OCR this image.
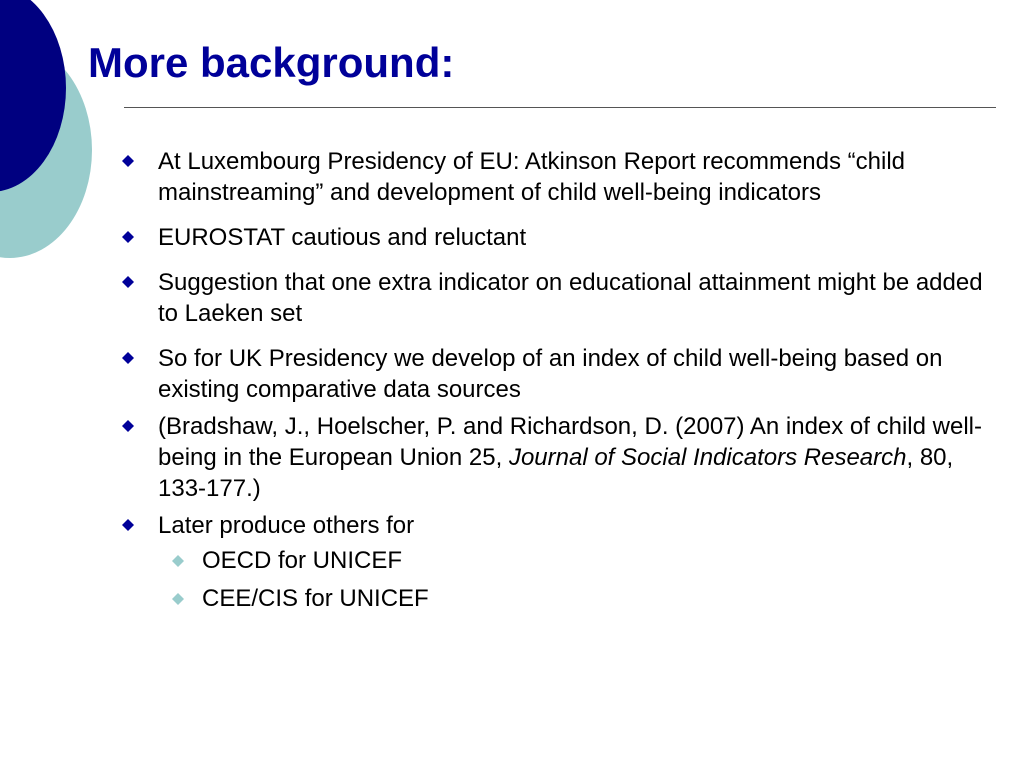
More background:
At Luxembourg Presidency of EU: Atkinson Report recommends “child mainstreaming” and development of child well-being indicators
EUROSTAT cautious and reluctant
Suggestion that one extra indicator on educational attainment might be added to Laeken set
So for UK Presidency we develop of an index of child well-being based on existing comparative data sources
(Bradshaw, J., Hoelscher, P. and Richardson, D. (2007) An index of child well-being in the European Union 25, Journal of Social Indicators Research, 80, 133-177.)
Later produce others for
OECD for UNICEF
CEE/CIS for UNICEF
